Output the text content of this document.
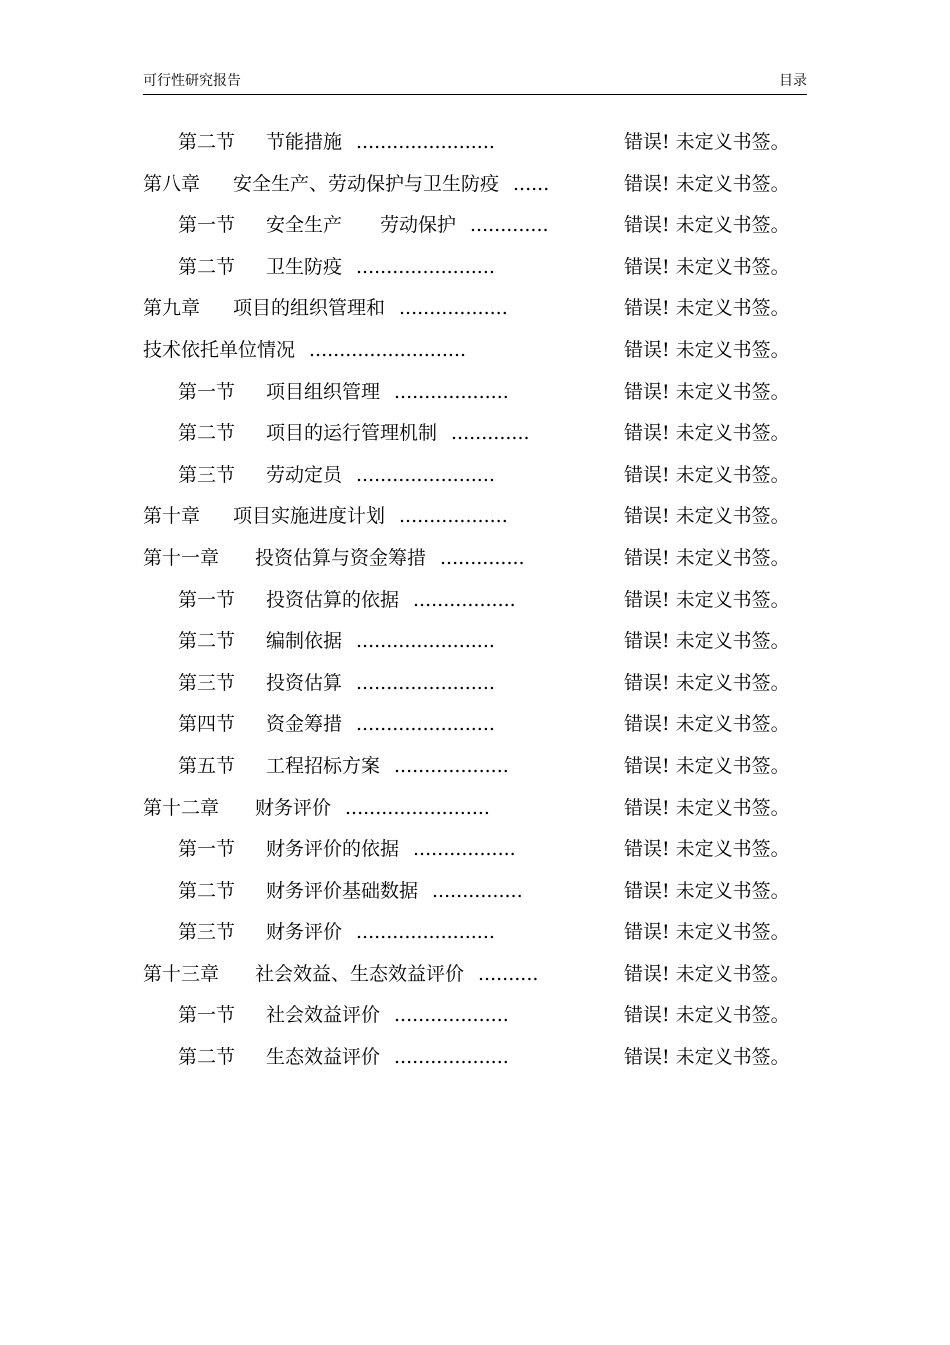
可行性研究报告	目录
第二节 节能措施 .......................	错误! 未定义书签。
第八章 安全生产、劳动保护与卫生防疫 ......	错误! 未定义书签。
第一节 安全生产　　劳动保护 .............	错误! 未定义书签。
第二节 卫生防疫 .......................	错误! 未定义书签。
第九章 项目的组织管理和 ..................	错误! 未定义书签。
技术依托单位情况 ..........................	错误! 未定义书签。
第一节 项目组织管理 ...................	错误! 未定义书签。
第二节 项目的运行管理机制 .............	错误! 未定义书签。
第三节 劳动定员 .......................	错误! 未定义书签。
第十章 项目实施进度计划 ..................	错误! 未定义书签。
第十一章 投资估算与资金筹措 ..............	错误! 未定义书签。
第一节 投资估算的依据 .................	错误! 未定义书签。
第二节 编制依据 .......................	错误! 未定义书签。
第三节 投资估算 .......................	错误! 未定义书签。
第四节 资金筹措 .......................	错误! 未定义书签。
第五节 工程招标方案 ...................	错误! 未定义书签。
第十二章 财务评价 ........................	错误! 未定义书签。
第一节 财务评价的依据 .................	错误! 未定义书签。
第二节 财务评价基础数据 ...............	错误! 未定义书签。
第三节 财务评价 .......................	错误! 未定义书签。
第十三章 社会效益、生态效益评价 ..........	错误! 未定义书签。
第一节 社会效益评价 ...................	错误! 未定义书签。
第二节 生态效益评价 ...................	错误! 未定义书签。
